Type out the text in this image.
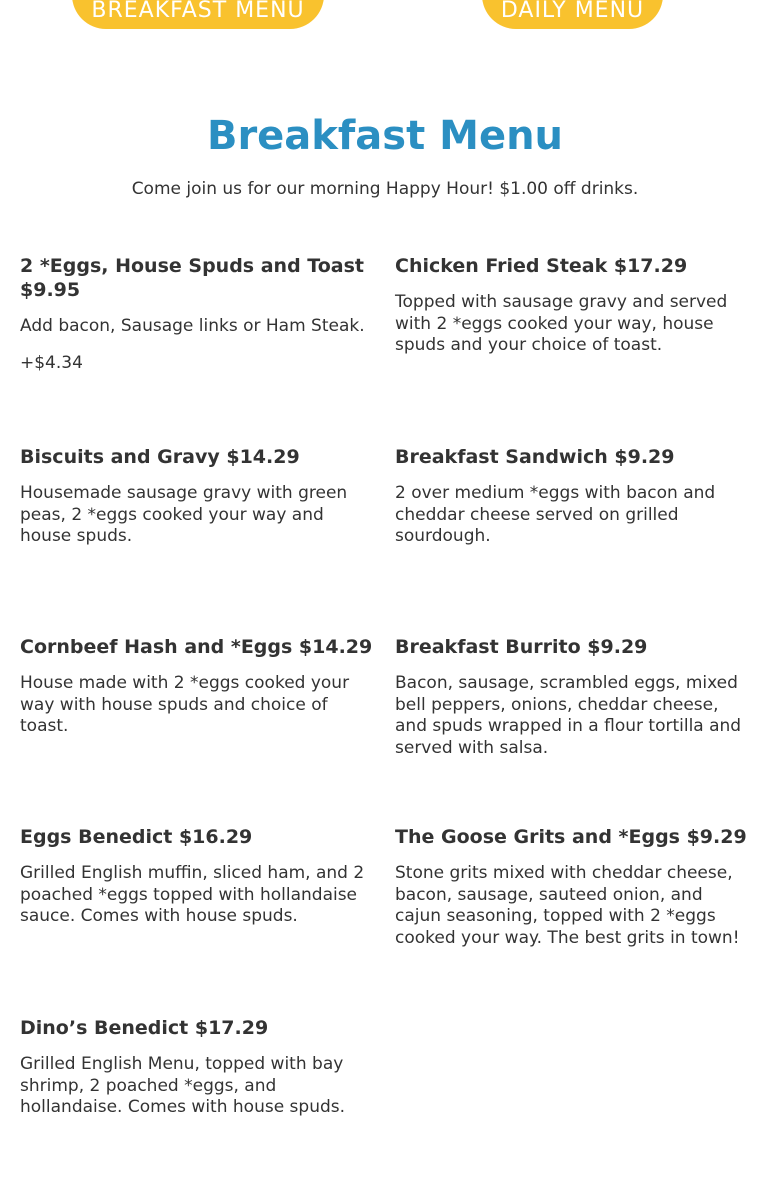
BREAKFAST MENU	DAILY MENU
Breakfast Menu

Come join us for our morning Happy Hour! $1.00 off drinks.

2 *Eggs, House Spuds and Toast $9.95

Add bacon, Sausage links or Ham Steak.

+$4.34

Chicken Fried Steak $17.29

Topped with sausage gravy and served with 2 *eggs cooked your way, house spuds and your choice of toast.

Biscuits and Gravy $14.29

Housemade sausage gravy with green peas, 2 *eggs cooked your way and house spuds.

Breakfast Sandwich $9.29

2 over medium *eggs with bacon and cheddar cheese served on grilled sourdough.

Cornbeef Hash and *Eggs $14.29

House made with 2 *eggs cooked your way with house spuds and choice of toast.

Breakfast Burrito $9.29

Bacon, sausage, scrambled eggs, mixed bell peppers, onions, cheddar cheese, and spuds wrapped in a flour tortilla and served with salsa.

Eggs Benedict $16.29

Grilled English muffin, sliced ham, and 2 poached *eggs topped with hollandaise sauce. Comes with house spuds.

The Goose Grits and *Eggs $9.29

Stone grits mixed with cheddar cheese, bacon, sausage, sauteed onion, and cajun seasoning, topped with 2 *eggs cooked your way. The best grits in town!

Dino’s Benedict $17.29

Grilled English Menu, topped with bay shrimp, 2 poached *eggs, and hollandaise. Comes with house spuds.
